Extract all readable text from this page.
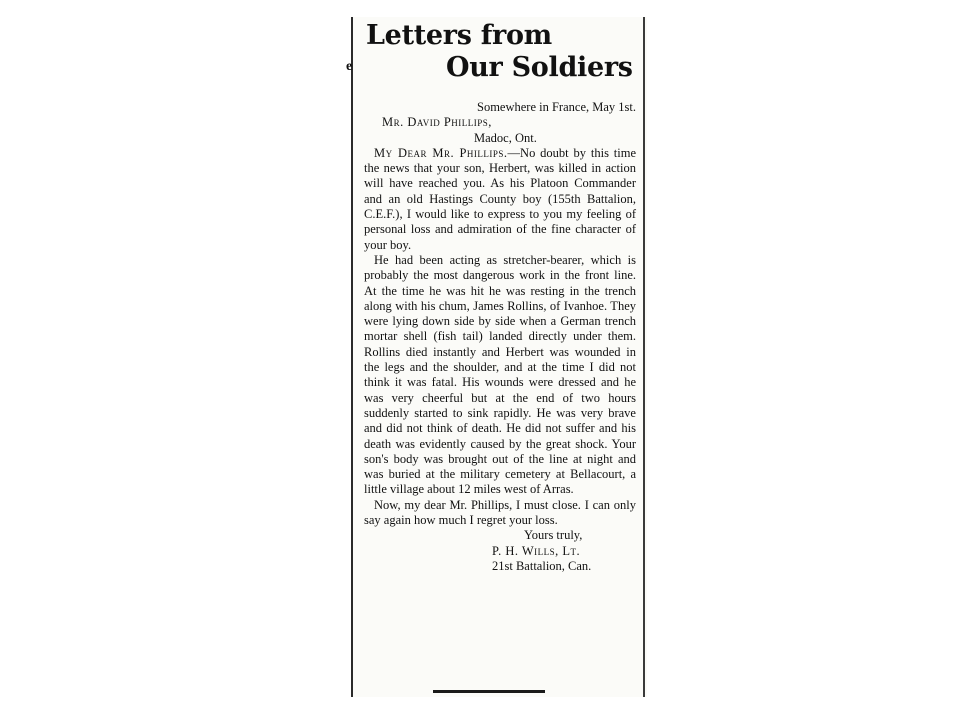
e
Letters from
Our Soldiers

Somewhere in France, May 1st.

Mr. David Phillips,

Madoc, Ont.

My Dear Mr. Phillips.—No doubt by this time the news that your son, Herbert, was killed in action will have reached you. As his Platoon Commander and an old Hastings County boy (155th Battalion, C.E.F.), I would like to express to you my feeling of personal loss and admiration of the fine character of your boy.

He had been acting as stretcher-bearer, which is probably the most dangerous work in the front line. At the time he was hit he was resting in the trench along with his chum, James Rollins, of Ivanhoe. They were lying down side by side when a German trench mortar shell (fish tail) landed directly under them. Rollins died instantly and Herbert was wounded in the legs and the shoulder, and at the time I did not think it was fatal. His wounds were dressed and he was very cheerful but at the end of two hours suddenly started to sink rapidly. He was very brave and did not think of death. He did not suffer and his death was evidently caused by the great shock. Your son's body was brought out of the line at night and was buried at the military cemetery at Bellacourt, a little village about 12 miles west of Arras.

Now, my dear Mr. Phillips, I must close. I can only say again how much I regret your loss.

Yours truly,

P. H. Wills, Lt.

21st Battalion, Can.
